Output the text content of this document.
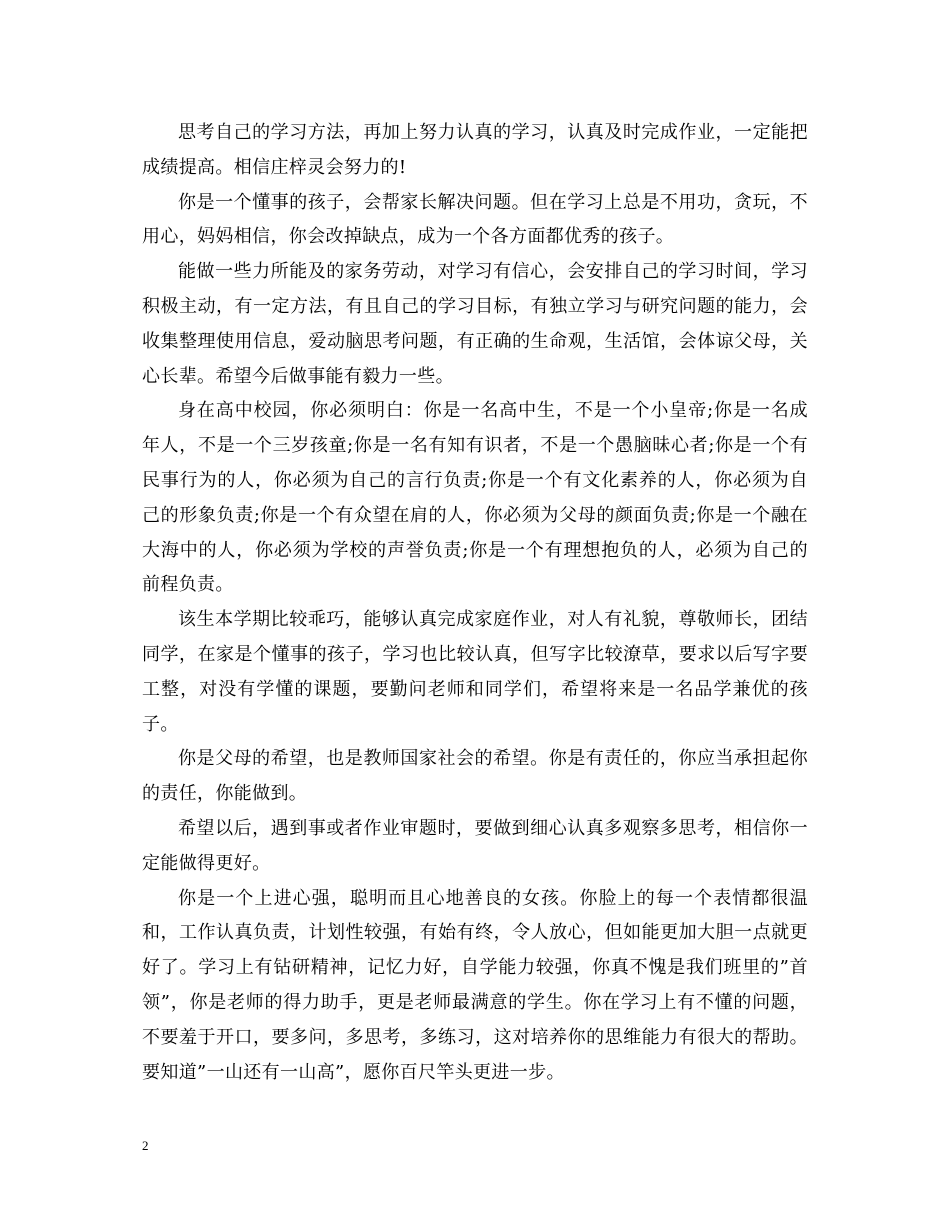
思考自己的学习方法，再加上努力认真的学习，认真及时完成作业，一定能把成绩提高。相信庄梓灵会努力的!

你是一个懂事的孩子，会帮家长解决问题。但在学习上总是不用功，贪玩，不用心，妈妈相信，你会改掉缺点，成为一个各方面都优秀的孩子。

能做一些力所能及的家务劳动，对学习有信心，会安排自己的学习时间，学习积极主动，有一定方法，有且自己的学习目标，有独立学习与研究问题的能力，会收集整理使用信息，爱动脑思考问题，有正确的生命观，生活馆，会体谅父母，关心长辈。希望今后做事能有毅力一些。

身在高中校园，你必须明白：你是一名高中生，不是一个小皇帝;你是一名成年人，不是一个三岁孩童;你是一名有知有识者，不是一个愚脑昧心者;你是一个有民事行为的人，你必须为自己的言行负责;你是一个有文化素养的人，你必须为自己的形象负责;你是一个有众望在肩的人，你必须为父母的颜面负责;你是一个融在大海中的人，你必须为学校的声誉负责;你是一个有理想抱负的人，必须为自己的前程负责。

该生本学期比较乖巧，能够认真完成家庭作业，对人有礼貌，尊敬师长，团结同学，在家是个懂事的孩子，学习也比较认真，但写字比较潦草，要求以后写字要工整，对没有学懂的课题，要勤问老师和同学们，希望将来是一名品学兼优的孩子。

你是父母的希望，也是教师国家社会的希望。你是有责任的，你应当承担起你的责任，你能做到。

希望以后，遇到事或者作业审题时，要做到细心认真多观察多思考，相信你一定能做得更好。

你是一个上进心强，聪明而且心地善良的女孩。你脸上的每一个表情都很温和，工作认真负责，计划性较强，有始有终，令人放心，但如能更加大胆一点就更好了。学习上有钻研精神，记忆力好，自学能力较强，你真不愧是我们班里的”首领”，你是老师的得力助手，更是老师最满意的学生。你在学习上有不懂的问题，不要羞于开口，要多问，多思考，多练习，这对培养你的思维能力有很大的帮助。要知道”一山还有一山高”，愿你百尺竿头更进一步。

2
